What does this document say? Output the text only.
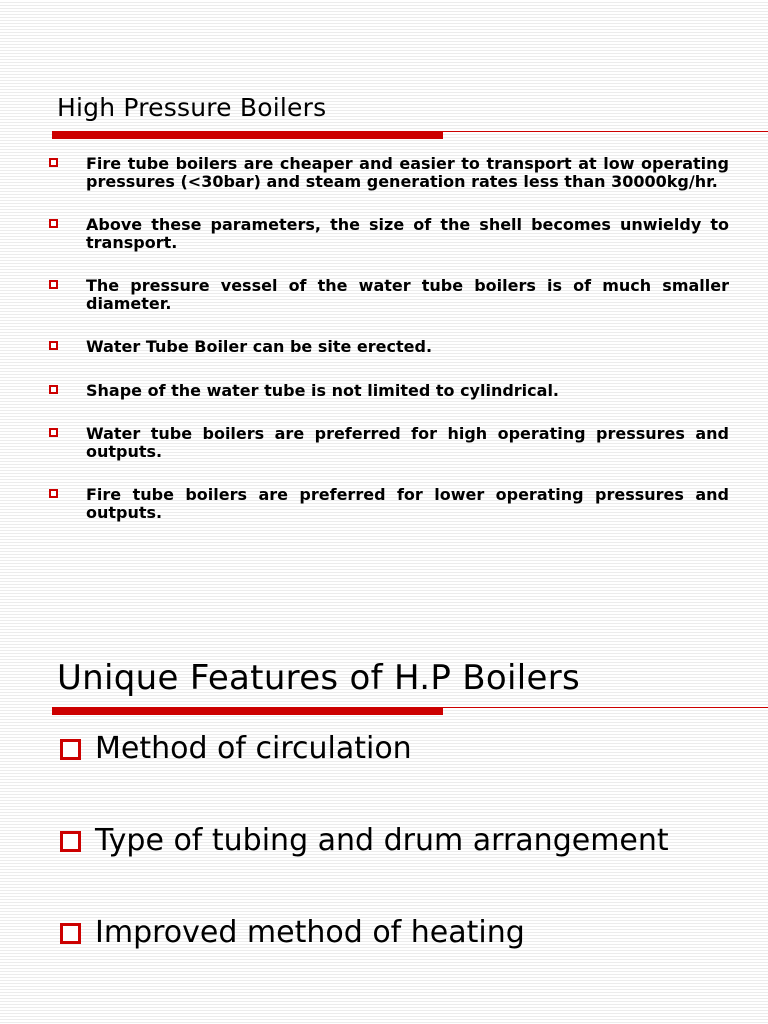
High Pressure Boilers
Fire tube boilers are cheaper and easier to transport at low operating pressures (<30bar) and steam generation rates less than 30000kg/hr.
Above these parameters, the size of the shell becomes unwieldy to transport.
The pressure vessel of the water tube boilers is of much smaller diameter.
Water Tube Boiler can be site erected.
Shape of the water tube is not limited to cylindrical.
Water tube boilers are preferred for high operating pressures and outputs.
Fire tube boilers are preferred for lower operating pressures and outputs.
Unique Features of H.P Boilers
Method of circulation
Type of tubing and drum arrangement
Improved method of heating
